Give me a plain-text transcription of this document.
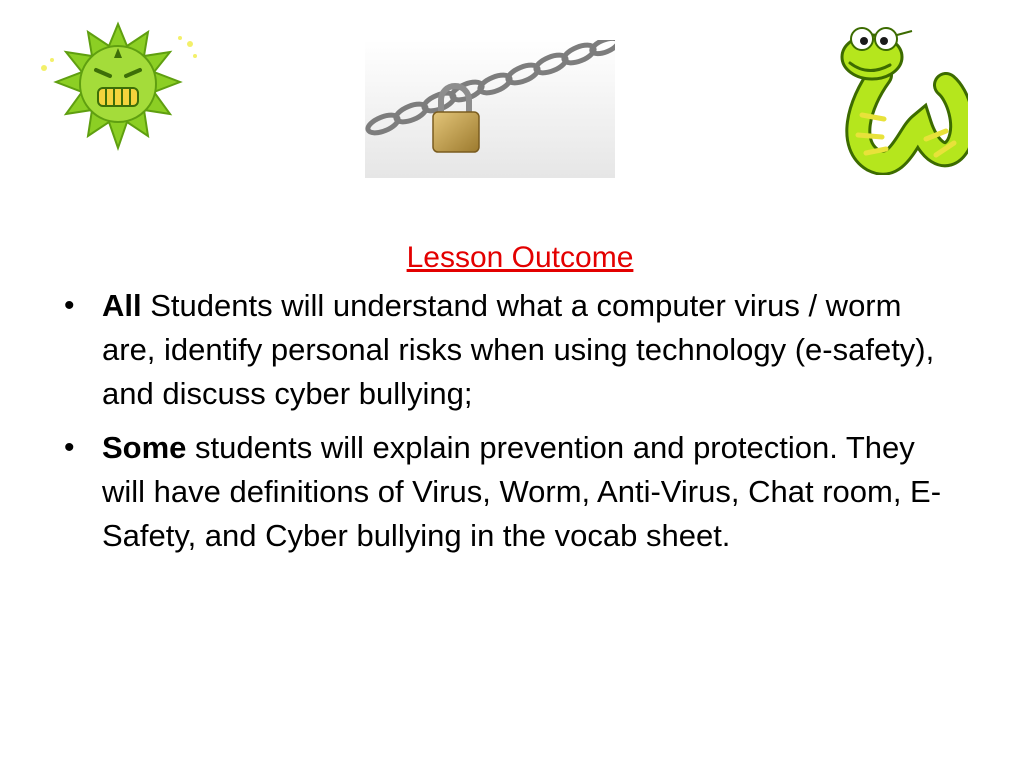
Lesson Outcome
• All Students will understand what a computer virus / worm are, identify personal risks when using technology (e-safety), and discuss cyber bullying;
• Some students will explain prevention and protection. They will have definitions of Virus, Worm, Anti-Virus, Chat room, E-Safety, and Cyber bullying in the vocab sheet.
